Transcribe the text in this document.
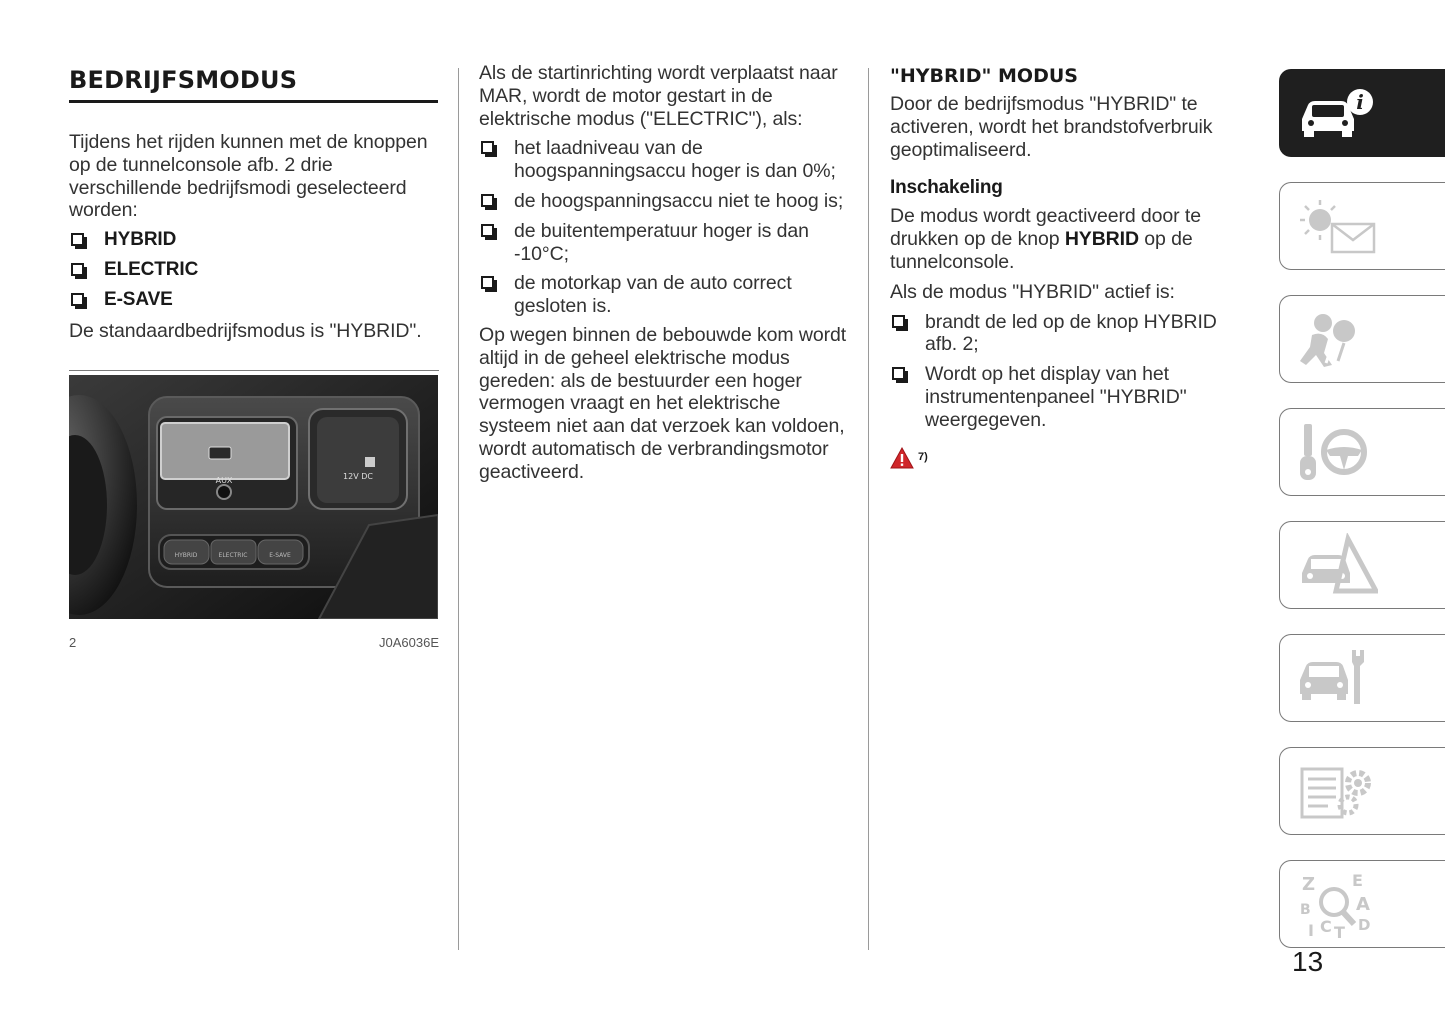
BEDRIJFSMODUS

Tijdens het rijden kunnen met de knoppen op de tunnelconsole afb. 2 drie verschillende bedrijfsmodi geselecteerd worden:

HYBRID
ELECTRIC
E-SAVE

De standaardbedrijfsmodus is "HYBRID".

AUX	12V DC
HYBRID	ELECTRIC	E-SAVE
2	J0A6036E

Als de startinrichting wordt verplaatst naar MAR, wordt de motor gestart in de elektrische modus ("ELECTRIC"), als:

het laadniveau van de hoogspanningsaccu hoger is dan 0%;
de hoogspanningsaccu niet te hoog is;
de buitentemperatuur hoger is dan -10°C;
de motorkap van de auto correct gesloten is.

Op wegen binnen de bebouwde kom wordt altijd in de geheel elektrische modus gereden: als de bestuurder een hoger vermogen vraagt en het elektrische systeem niet aan dat verzoek kan voldoen, wordt automatisch de verbrandingsmotor geactiveerd.

"HYBRID" MODUS

Door de bedrijfsmodus "HYBRID" te activeren, wordt het brandstofverbruik geoptimaliseerd.

Inschakeling

De modus wordt geactiveerd door te drukken op de knop HYBRID op de tunnelconsole.

Als de modus "HYBRID" actief is:

brandt de led op de knop HYBRID afb. 2;
Wordt op het display van het instrumentenpaneel "HYBRID" weergegeven.
7)
i
Z E
B	A
I C T D
13
